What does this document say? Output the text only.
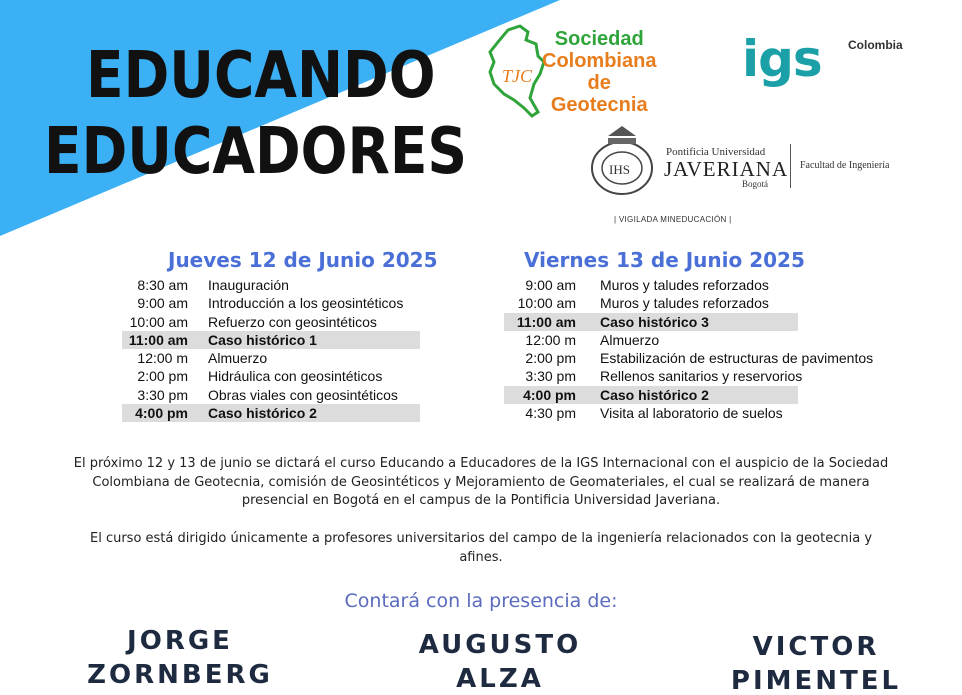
EDUCANDO
EDUCADORES
TJC
Sociedad
Colombiana
de
Geotecnia
igs Colombia
IHS
Pontificia Universidad
JAVERIANA
Bogotá
Facultad de Ingeniería
| VIGILADA MINEDUCACIÓN |
Jueves 12 de Junio 2025
8:30 am Inauguración
9:00 am Introducción a los geosintéticos
10:00 am Refuerzo con geosintéticos
11:00 am Caso histórico 1
12:00 m Almuerzo
2:00 pm Hidráulica con geosintéticos
3:30 pm Obras viales con geosintéticos
4:00 pm Caso histórico 2
Viernes 13 de Junio 2025
9:00 am Muros y taludes reforzados
10:00 am Muros y taludes reforzados
11:00 am Caso histórico 3
12:00 m Almuerzo
2:00 pm Estabilización de estructuras de pavimentos
3:30 pm Rellenos sanitarios y reservorios
4:00 pm Caso histórico 2
4:30 pm Visita al laboratorio de suelos
El próximo 12 y 13 de junio se dictará el curso Educando a Educadores de la IGS Internacional con el auspicio de la Sociedad Colombiana de Geotecnia, comisión de Geosintéticos y Mejoramiento de Geomateriales, el cual se realizará de manera presencial en Bogotá en el campus de la Pontificia Universidad Javeriana.
El curso está dirigido únicamente a profesores universitarios del campo de la ingeniería relacionados con la geotecnia y afines.
Contará con la presencia de:
JORGE
ZORNBERG
AUGUSTO
ALZA
VICTOR
PIMENTEL
